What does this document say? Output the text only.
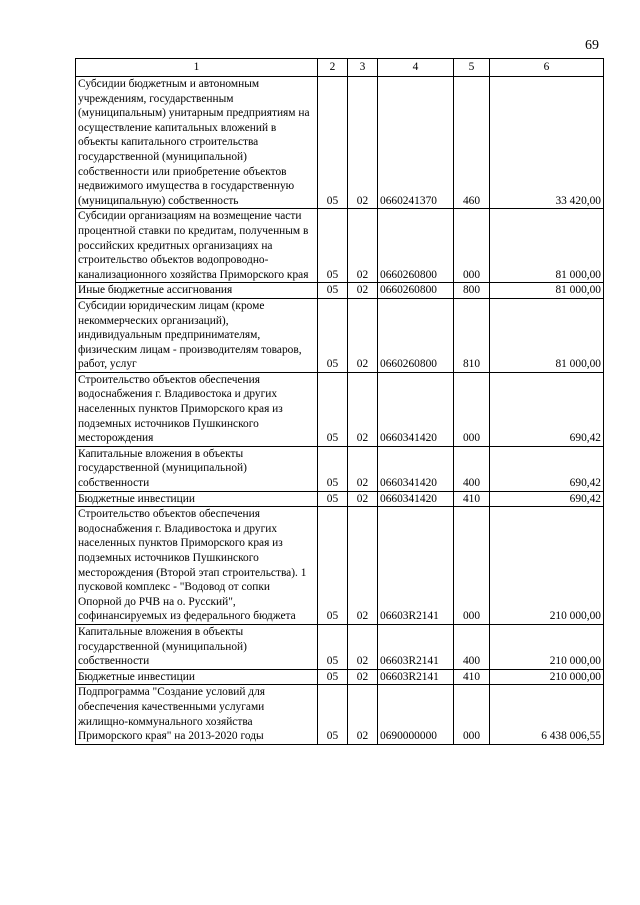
69
1	2	3	4	5	6
Субсидии бюджетным и автономным учреждениям, государственным (муниципальным) унитарным предприятиям на осуществление капитальных вложений в объекты капитального строительства государственной (муниципальной) собственности или приобретение объектов недвижимого имущества в государственную (муниципальную) собственность	05	02	0660241370	460	33 420,00
Субсидии организациям на возмещение части процентной ставки по кредитам, полученным в российских кредитных организациях на строительство объектов водопроводно-канализационного хозяйства Приморского края	05	02	0660260800	000	81 000,00
Иные бюджетные ассигнования	05	02	0660260800	800	81 000,00
Субсидии юридическим лицам (кроме некоммерческих организаций), индивидуальным предпринимателям, физическим лицам - производителям товаров, работ, услуг	05	02	0660260800	810	81 000,00
Строительство объектов обеспечения водоснабжения г. Владивостока и других населенных пунктов Приморского края из подземных источников Пушкинского месторождения	05	02	0660341420	000	690,42
Капитальные вложения в объекты государственной (муниципальной) собственности	05	02	0660341420	400	690,42
Бюджетные инвестиции	05	02	0660341420	410	690,42
Строительство объектов обеспечения водоснабжения г. Владивостока и других населенных пунктов Приморского края из подземных источников Пушкинского месторождения (Второй этап строительства). 1 пусковой комплекс - "Водовод от сопки Опорной до РЧВ на о. Русский", софинансируемых из федерального бюджета	05	02	06603R2141	000	210 000,00
Капитальные вложения в объекты государственной (муниципальной) собственности	05	02	06603R2141	400	210 000,00
Бюджетные инвестиции	05	02	06603R2141	410	210 000,00
Подпрограмма "Создание условий для обеспечения качественными услугами жилищно-коммунального хозяйства Приморского края" на 2013-2020 годы	05	02	0690000000	000	6 438 006,55
